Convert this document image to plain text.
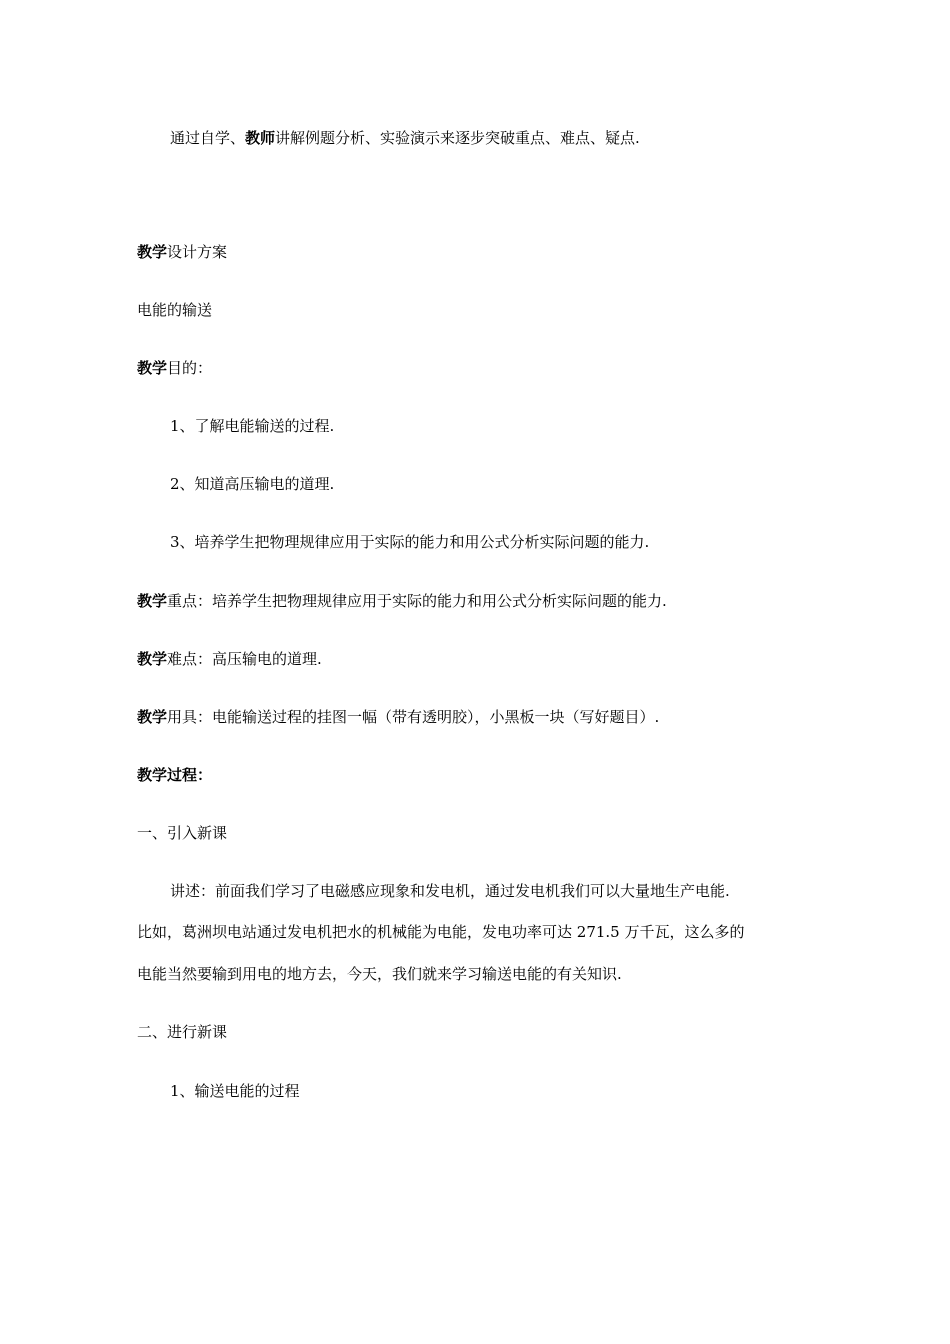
通过自学、教师讲解例题分析、实验演示来逐步突破重点、难点、疑点.
教学设计方案
电能的输送
教学目的：
1、了解电能输送的过程.
2、知道高压输电的道理.
3、培养学生把物理规律应用于实际的能力和用公式分析实际问题的能力.
教学重点：培养学生把物理规律应用于实际的能力和用公式分析实际问题的能力.
教学难点：高压输电的道理.
教学用具：电能输送过程的挂图一幅（带有透明胶），小黑板一块（写好题目）.
教学过程：
一、引入新课
讲述：前面我们学习了电磁感应现象和发电机，通过发电机我们可以大量地生产电能.
比如，葛洲坝电站通过发电机把水的机械能为电能，发电功率可达 271.5 万千瓦，这么多的
电能当然要输到用电的地方去，今天，我们就来学习输送电能的有关知识.
二、进行新课
1、输送电能的过程
